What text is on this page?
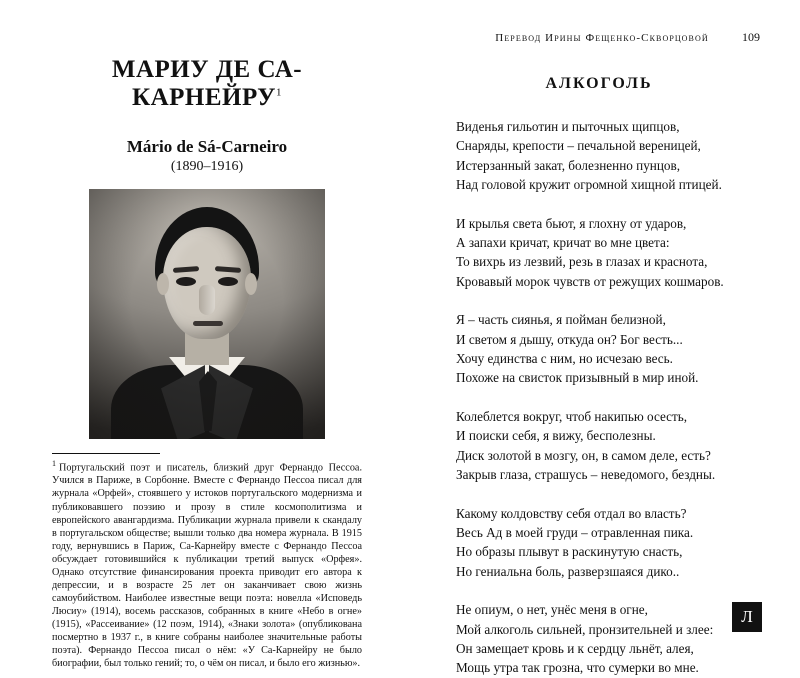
МАРИУ ДЕ СА-КАРНЕЙРУ$^1$
Mário de Sá-Carneiro
(1890–1916)
$^1$ Португальский поэт и писатель, близкий друг Фернандо Пессоа. Учился в Париже, в Сорбонне. Вместе с Фернандо Пессоа писал для журнала «Орфей», стоявшего у истоков португальского модернизма и публиковавшего поэзию и прозу в стиле космополитизма и европейского авангардизма. Публикации журнала привели к скандалу в португальском обществе; вышли только два номера журнала. В 1915 году, вернувшись в Париж, Са-Карнейру вместе с Фернандо Пессоа обсуждает готовившийся к публикации третий выпуск «Орфея». Однако отсутствие финансирования проекта приводит его автора к депрессии, и в возрасте 25 лет он заканчивает свою жизнь самоубийством. Наиболее известные вещи поэта: новелла «Исповедь Люсиу» (1914), восемь рассказов, собранных в книге «Небо в огне» (1915), «Рассеивание» (12 поэм, 1914), «Знаки золота» (опубликована посмертно в 1937 г., в книге собраны наиболее значительные работы поэта). Фернандо Пессоа писал о нём: «У Са-Карнейру не было биографии, был только гений; то, о чём он писал, и было его жизнью».
Перевод Ирины Фещенко-Скворцовой	109
АЛКОГОЛЬ
Виденья гильотин и пыточных щипцов,
Снаряды, крепости – печальной вереницей,
Истерзанный закат, болезненно пунцов,
Над головой кружит огромной хищной птицей.
И крылья света бьют, я глохну от ударов,
А запахи кричат, кричат во мне цвета:
То вихрь из лезвий, резь в глазах и краснота,
Кровавый морок чувств от режущих кошмаров.
Я – часть сиянья, я пойман белизной,
И светом я дышу, откуда он? Бог весть...
Хочу единства с ним, но исчезаю весь.
Похоже на свисток призывный в мир иной.
Колеблется вокруг, чтоб накипью осесть,
И поиски себя, я вижу, бесполезны.
Диск золотой в мозгу, он, в самом деле, есть?
Закрыв глаза, страшусь – неведомого, бездны.
Какому колдовству себя отдал во власть?
Весь Ад в моей груди – отравленная пика.
Но образы плывут в раскинутую снасть,
Но гениальна боль, разверзшаяся дико..
Не опиум, о нет, унёс меня в огне,
Мой алкоголь сильней, пронзительней и злее:
Он замещает кровь и к сердцу льнёт, алея,
Мощь утра так грозна, что сумерки во мне.
Л
